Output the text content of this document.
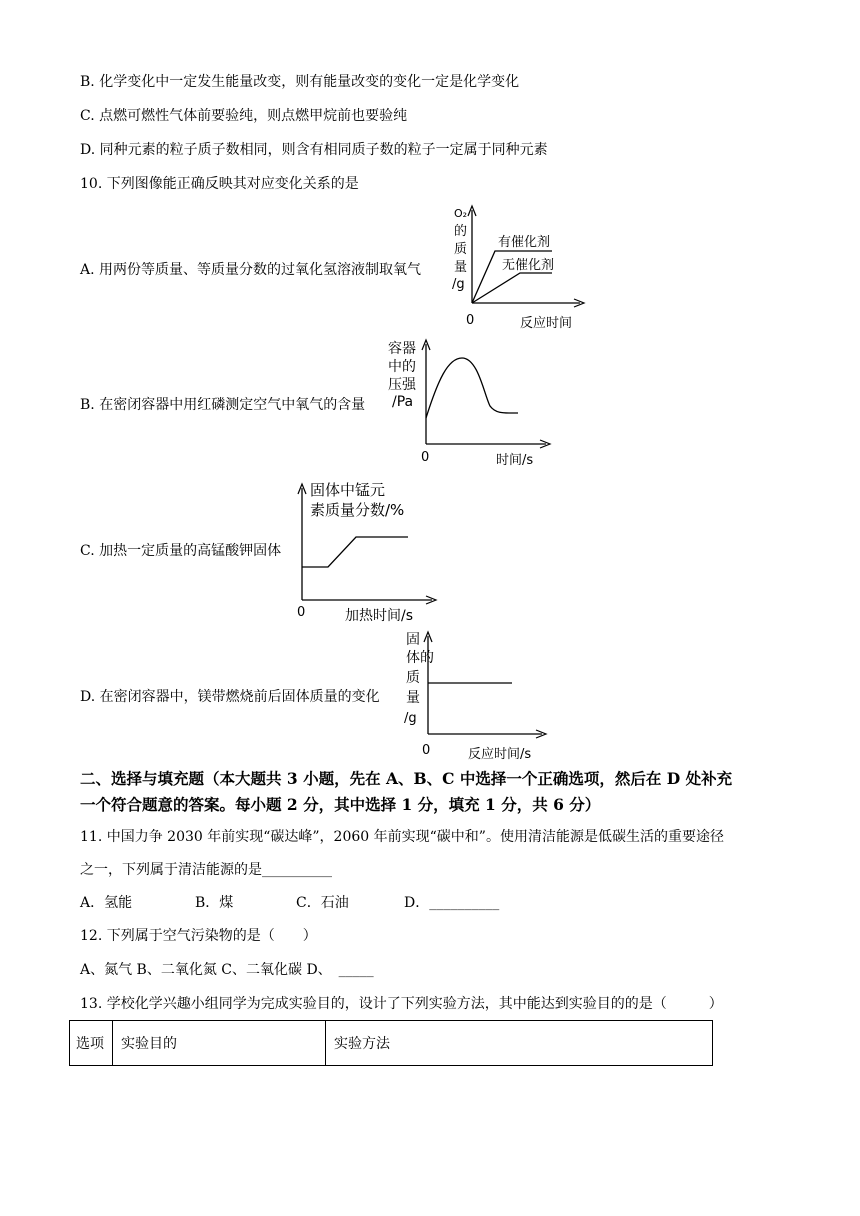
B. 化学变化中一定发生能量改变，则有能量改变的变化一定是化学变化
C. 点燃可燃性气体前要验纯，则点燃甲烷前也要验纯
D. 同种元素的粒子质子数相同，则含有相同质子数的粒子一定属于同种元素
10. 下列图像能正确反映其对应变化关系的是
A. 用两份等质量、等质量分数的过氧化氢溶液制取氧气
O₂
的
质
量
/g
有催化剂
无催化剂
0	反应时间
B. 在密闭容器中用红磷测定空气中氧气的含量
容器
中的
压强
/Pa
0	时间/s
C. 加热一定质量的高锰酸钾固体
固体中锰元
素质量分数/%
0	加热时间/s
D. 在密闭容器中，镁带燃烧前后固体质量的变化
固
体的
质
量
/g
0	反应时间/s
二、选择与填充题（本大题共 3 小题，先在 A、B、C 中选择一个正确选项，然后在 D 处补充
一个符合题意的答案。每小题 2 分，其中选择 1 分，填充 1 分，共 6 分）
11. 中国力争 2030 年前实现“碳达峰”，2060 年前实现“碳中和”。使用清洁能源是低碳生活的重要途径
之一，下列属于清洁能源的是__________
A．氢能	B．煤	C．石油	D．__________
12. 下列属于空气污染物的是（　　）
A、氮气 B、二氧化氮 C、二氧化碳 D、　_____
13. 学校化学兴趣小组同学为完成实验目的，设计了下列实验方法，其中能达到实验目的的是（　　　）
选项	实验目的	实验方法
